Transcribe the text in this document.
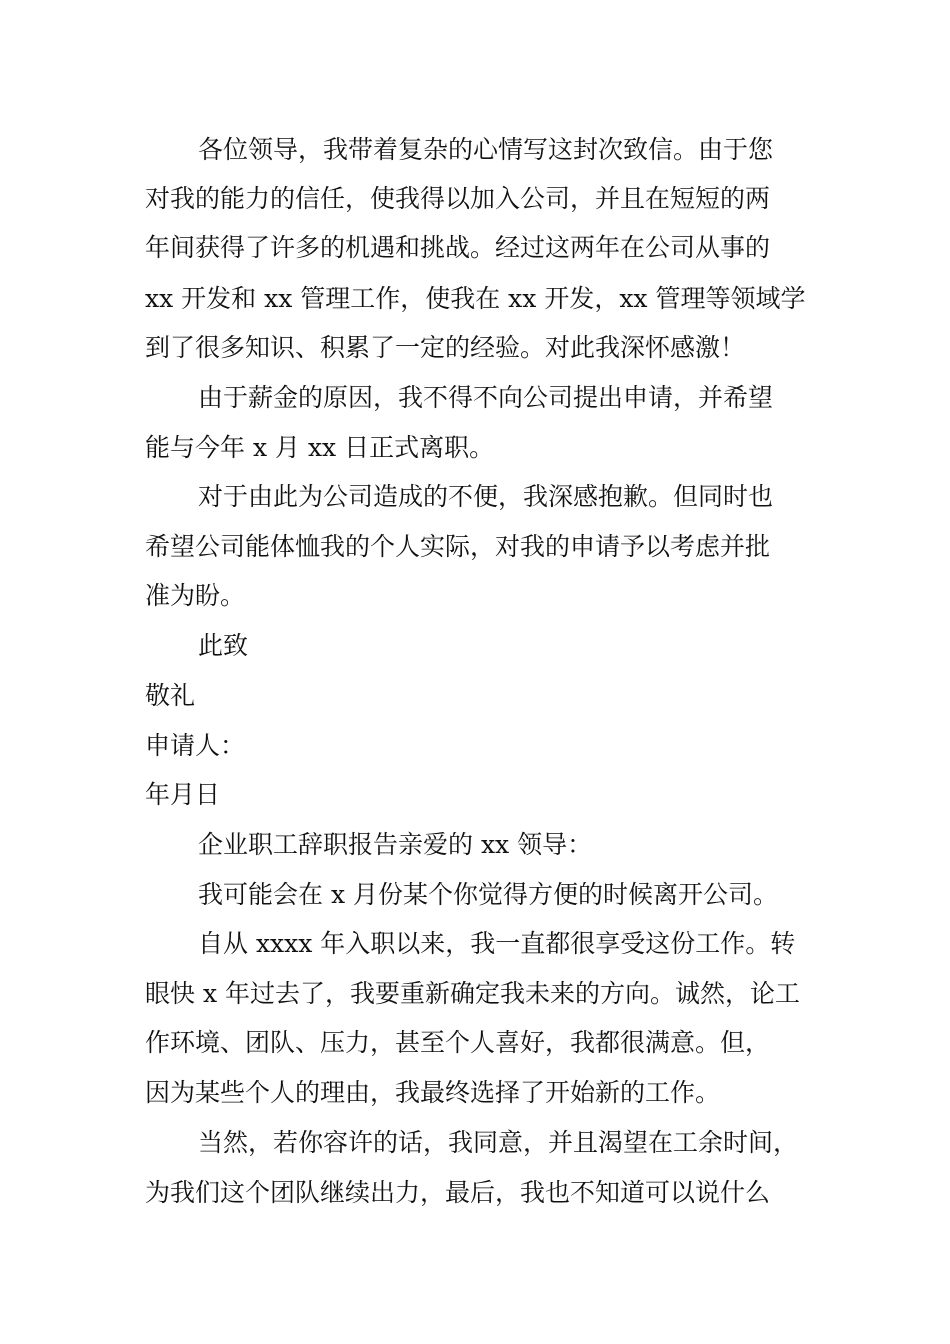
各位领导，我带着复杂的心情写这封次致信。由于您

对我的能力的信任，使我得以加入公司，并且在短短的两

年间获得了许多的机遇和挑战。经过这两年在公司从事的

xx 开发和 xx 管理工作，使我在 xx 开发，xx 管理等领域学

到了很多知识、积累了一定的经验。对此我深怀感激！

由于薪金的原因，我不得不向公司提出申请，并希望

能与今年 x 月 xx 日正式离职。

对于由此为公司造成的不便，我深感抱歉。但同时也

希望公司能体恤我的个人实际，对我的申请予以考虑并批

准为盼。

此致

敬礼

申请人：

年月日

企业职工辞职报告亲爱的 xx 领导：

我可能会在 x 月份某个你觉得方便的时候离开公司。

自从 xxxx 年入职以来，我一直都很享受这份工作。转

眼快 x 年过去了，我要重新确定我未来的方向。诚然，论工

作环境、团队、压力，甚至个人喜好，我都很满意。但，

因为某些个人的理由，我最终选择了开始新的工作。

当然，若你容许的话，我同意，并且渴望在工余时间，

为我们这个团队继续出力，最后，我也不知道可以说什么
